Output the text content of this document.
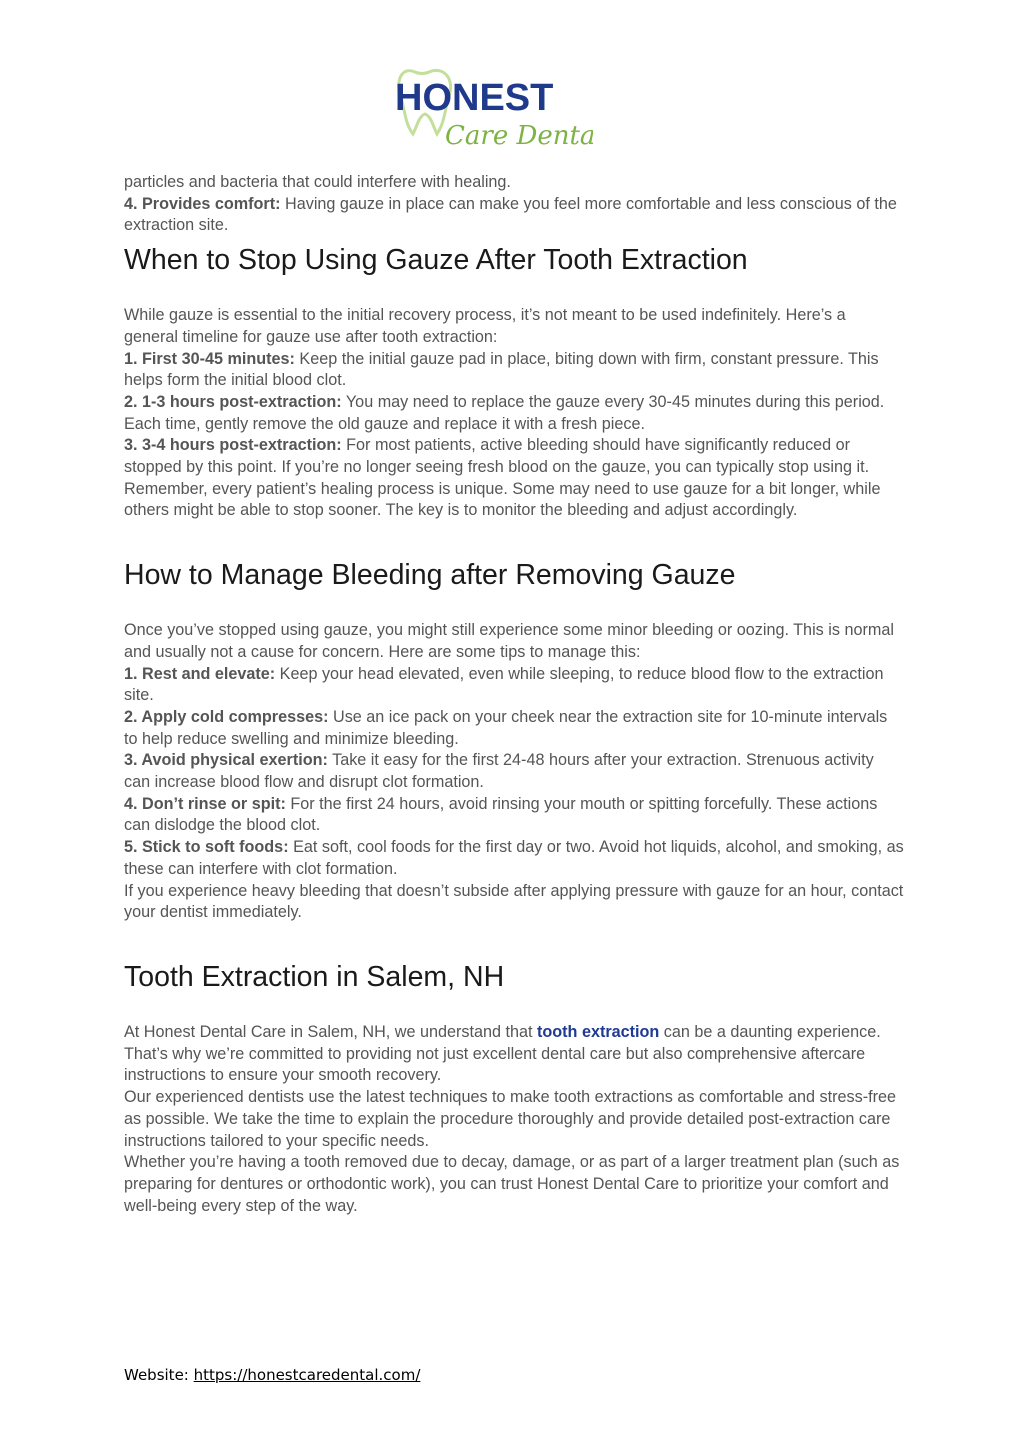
HONEST
Care Dental

particles and bacteria that could interfere with healing.

4. Provides comfort: Having gauze in place can make you feel more comfortable and less conscious of the extraction site.

When to Stop Using Gauze After Tooth Extraction

While gauze is essential to the initial recovery process, it’s not meant to be used indefinitely. Here’s a general timeline for gauze use after tooth extraction:

1. First 30-45 minutes: Keep the initial gauze pad in place, biting down with firm, constant pressure. This helps form the initial blood clot.

2. 1-3 hours post-extraction: You may need to replace the gauze every 30-45 minutes during this period. Each time, gently remove the old gauze and replace it with a fresh piece.

3. 3-4 hours post-extraction: For most patients, active bleeding should have significantly reduced or stopped by this point. If you’re no longer seeing fresh blood on the gauze, you can typically stop using it.

Remember, every patient’s healing process is unique. Some may need to use gauze for a bit longer, while others might be able to stop sooner. The key is to monitor the bleeding and adjust accordingly.

How to Manage Bleeding after Removing Gauze

Once you’ve stopped using gauze, you might still experience some minor bleeding or oozing. This is normal and usually not a cause for concern. Here are some tips to manage this:

1. Rest and elevate: Keep your head elevated, even while sleeping, to reduce blood flow to the extraction site.

2. Apply cold compresses: Use an ice pack on your cheek near the extraction site for 10-minute intervals to help reduce swelling and minimize bleeding.

3. Avoid physical exertion: Take it easy for the first 24-48 hours after your extraction. Strenuous activity can increase blood flow and disrupt clot formation.

4. Don’t rinse or spit: For the first 24 hours, avoid rinsing your mouth or spitting forcefully. These actions can dislodge the blood clot.

5. Stick to soft foods: Eat soft, cool foods for the first day or two. Avoid hot liquids, alcohol, and smoking, as these can interfere with clot formation.

If you experience heavy bleeding that doesn’t subside after applying pressure with gauze for an hour, contact your dentist immediately.

Tooth Extraction in Salem, NH

At Honest Dental Care in Salem, NH, we understand that tooth extraction can be a daunting experience. That’s why we’re committed to providing not just excellent dental care but also comprehensive aftercare instructions to ensure your smooth recovery.

Our experienced dentists use the latest techniques to make tooth extractions as comfortable and stress-free as possible. We take the time to explain the procedure thoroughly and provide detailed post-extraction care instructions tailored to your specific needs.

Whether you’re having a tooth removed due to decay, damage, or as part of a larger treatment plan (such as preparing for dentures or orthodontic work), you can trust Honest Dental Care to prioritize your comfort and well-being every step of the way.

Website: https://honestcaredental.com/
